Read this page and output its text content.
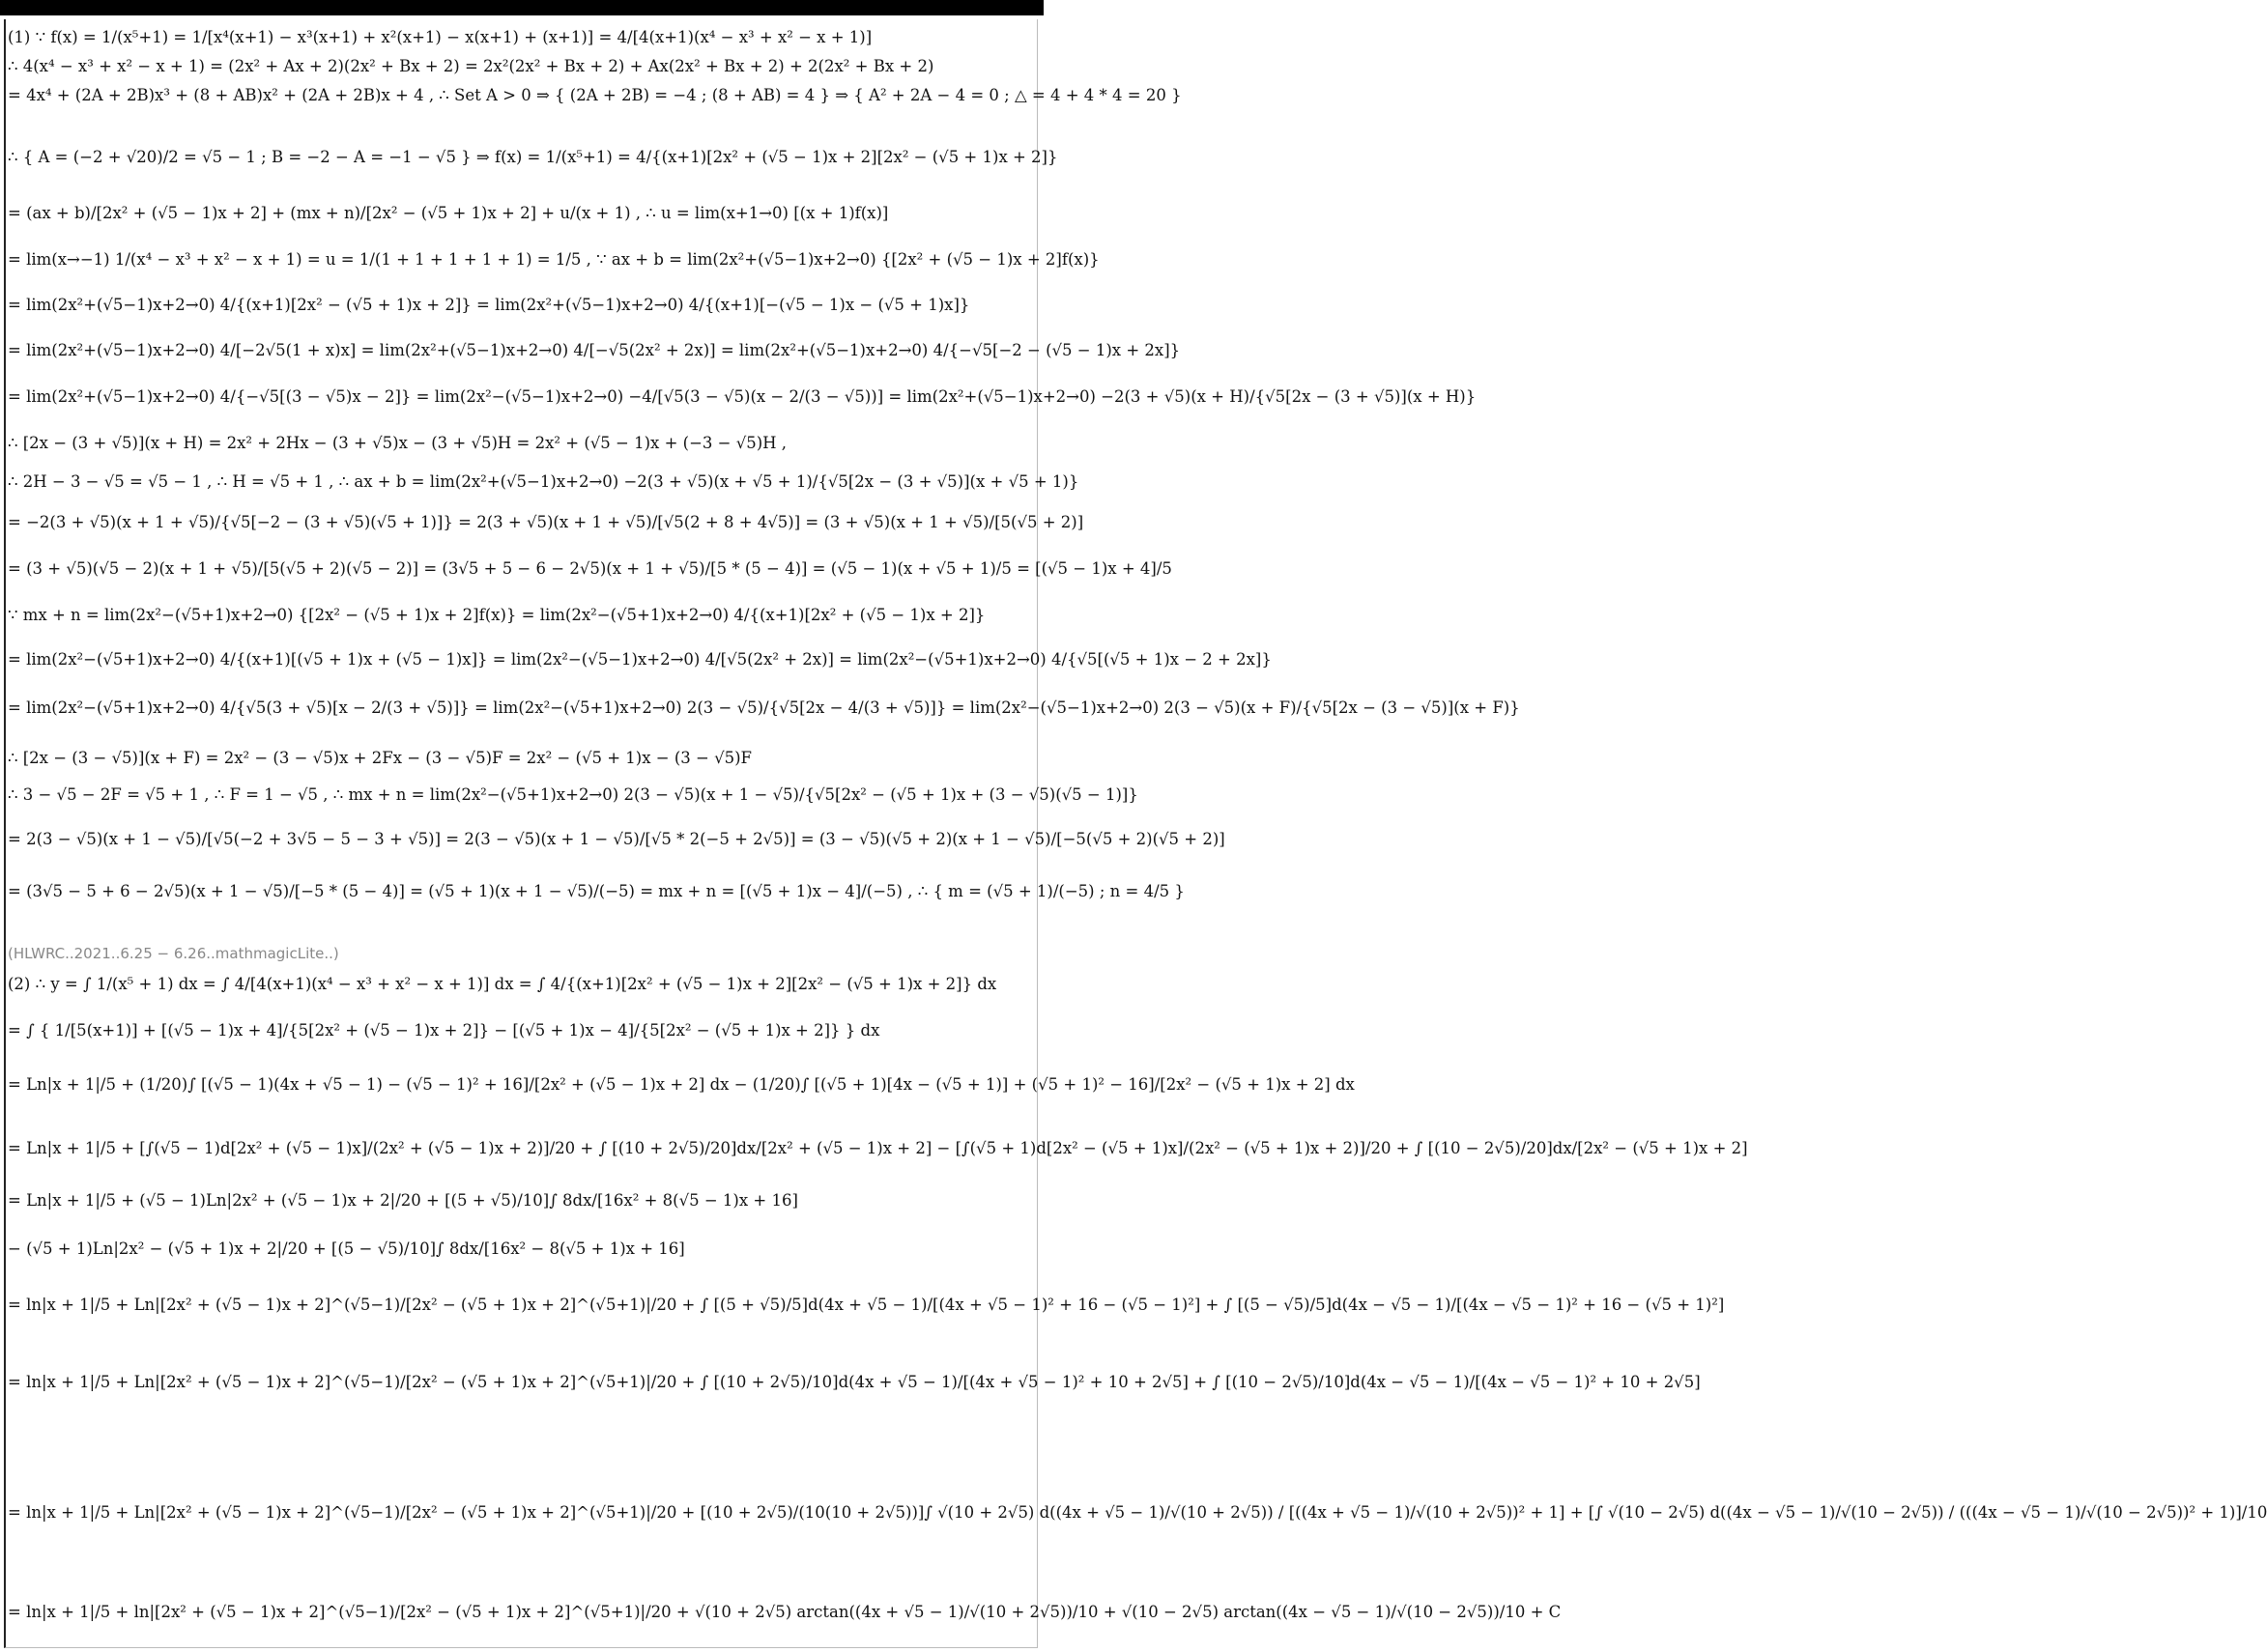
(1) ∵ f(x) = 1/(x⁵+1) = 1/[x⁴(x+1) − x³(x+1) + x²(x+1) − x(x+1) + (x+1)] = 4/[4(x+1)(x⁴ − x³ + x² − x + 1)]
∴ 4(x⁴ − x³ + x² − x + 1) = (2x² + Ax + 2)(2x² + Bx + 2) = 2x²(2x² + Bx + 2) + Ax(2x² + Bx + 2) + 2(2x² + Bx + 2)
= 4x⁴ + (2A + 2B)x³ + (8 + AB)x² + (2A + 2B)x + 4 , ∴ Set A > 0 ⇒ { (2A + 2B) = −4 ; (8 + AB) = 4 } ⇒ { A² + 2A − 4 = 0 ; △ = 4 + 4 * 4 = 20 }
∴ { A = (−2 + √20)/2 = √5 − 1 ; B = −2 − A = −1 − √5 } ⇒ f(x) = 1/(x⁵+1) = 4/{(x+1)[2x² + (√5 − 1)x + 2][2x² − (√5 + 1)x + 2]}
= (ax + b)/[2x² + (√5 − 1)x + 2] + (mx + n)/[2x² − (√5 + 1)x + 2] + u/(x + 1) , ∴ u = lim(x+1→0) [(x + 1)f(x)]
= lim(x→−1) 1/(x⁴ − x³ + x² − x + 1) = u = 1/(1 + 1 + 1 + 1 + 1) = 1/5 , ∵ ax + b = lim(2x²+(√5−1)x+2→0) {[2x² + (√5 − 1)x + 2]f(x)}
= lim(2x²+(√5−1)x+2→0) 4/{(x+1)[2x² − (√5 + 1)x + 2]} = lim(2x²+(√5−1)x+2→0) 4/{(x+1)[−(√5 − 1)x − (√5 + 1)x]}
= lim(2x²+(√5−1)x+2→0) 4/[−2√5(1 + x)x] = lim(2x²+(√5−1)x+2→0) 4/[−√5(2x² + 2x)] = lim(2x²+(√5−1)x+2→0) 4/{−√5[−2 − (√5 − 1)x + 2x]}
= lim(2x²+(√5−1)x+2→0) 4/{−√5[(3 − √5)x − 2]} = lim(2x²−(√5−1)x+2→0) −4/[√5(3 − √5)(x − 2/(3 − √5))] = lim(2x²+(√5−1)x+2→0) −2(3 + √5)(x + H)/{√5[2x − (3 + √5)](x + H)}
∴ [2x − (3 + √5)](x + H) = 2x² + 2Hx − (3 + √5)x − (3 + √5)H = 2x² + (√5 − 1)x + (−3 − √5)H ,
∴ 2H − 3 − √5 = √5 − 1 , ∴ H = √5 + 1 , ∴ ax + b = lim(2x²+(√5−1)x+2→0) −2(3 + √5)(x + √5 + 1)/{√5[2x − (3 + √5)](x + √5 + 1)}
= −2(3 + √5)(x + 1 + √5)/{√5[−2 − (3 + √5)(√5 + 1)]} = 2(3 + √5)(x + 1 + √5)/[√5(2 + 8 + 4√5)] = (3 + √5)(x + 1 + √5)/[5(√5 + 2)]
= (3 + √5)(√5 − 2)(x + 1 + √5)/[5(√5 + 2)(√5 − 2)] = (3√5 + 5 − 6 − 2√5)(x + 1 + √5)/[5 * (5 − 4)] = (√5 − 1)(x + √5 + 1)/5 = [(√5 − 1)x + 4]/5
∵ mx + n = lim(2x²−(√5+1)x+2→0) {[2x² − (√5 + 1)x + 2]f(x)} = lim(2x²−(√5+1)x+2→0) 4/{(x+1)[2x² + (√5 − 1)x + 2]}
= lim(2x²−(√5+1)x+2→0) 4/{(x+1)[(√5 + 1)x + (√5 − 1)x]} = lim(2x²−(√5−1)x+2→0) 4/[√5(2x² + 2x)] = lim(2x²−(√5+1)x+2→0) 4/{√5[(√5 + 1)x − 2 + 2x]}
= lim(2x²−(√5+1)x+2→0) 4/{√5(3 + √5)[x − 2/(3 + √5)]} = lim(2x²−(√5+1)x+2→0) 2(3 − √5)/{√5[2x − 4/(3 + √5)]} = lim(2x²−(√5−1)x+2→0) 2(3 − √5)(x + F)/{√5[2x − (3 − √5)](x + F)}
∴ [2x − (3 − √5)](x + F) = 2x² − (3 − √5)x + 2Fx − (3 − √5)F = 2x² − (√5 + 1)x − (3 − √5)F
∴ 3 − √5 − 2F = √5 + 1 , ∴ F = 1 − √5 , ∴ mx + n = lim(2x²−(√5+1)x+2→0) 2(3 − √5)(x + 1 − √5)/{√5[2x² − (√5 + 1)x + (3 − √5)(√5 − 1)]}
= 2(3 − √5)(x + 1 − √5)/[√5(−2 + 3√5 − 5 − 3 + √5)] = 2(3 − √5)(x + 1 − √5)/[√5 * 2(−5 + 2√5)] = (3 − √5)(√5 + 2)(x + 1 − √5)/[−5(√5 + 2)(√5 + 2)]
= (3√5 − 5 + 6 − 2√5)(x + 1 − √5)/[−5 * (5 − 4)] = (√5 + 1)(x + 1 − √5)/(−5) = mx + n = [(√5 + 1)x − 4]/(−5) , ∴ { m = (√5 + 1)/(−5) ; n = 4/5 }
(HLWRC..2021..6.25 − 6.26..mathmagicLite..)
(2) ∴ y = ∫ 1/(x⁵ + 1) dx = ∫ 4/[4(x+1)(x⁴ − x³ + x² − x + 1)] dx = ∫ 4/{(x+1)[2x² + (√5 − 1)x + 2][2x² − (√5 + 1)x + 2]} dx
= ∫ { 1/[5(x+1)] + [(√5 − 1)x + 4]/{5[2x² + (√5 − 1)x + 2]} − [(√5 + 1)x − 4]/{5[2x² − (√5 + 1)x + 2]} } dx
= Ln|x + 1|/5 + (1/20)∫ [(√5 − 1)(4x + √5 − 1) − (√5 − 1)² + 16]/[2x² + (√5 − 1)x + 2] dx − (1/20)∫ [(√5 + 1)[4x − (√5 + 1)] + (√5 + 1)² − 16]/[2x² − (√5 + 1)x + 2] dx
= Ln|x + 1|/5 + [∫(√5 − 1)d[2x² + (√5 − 1)x]/(2x² + (√5 − 1)x + 2)]/20 + ∫ [(10 + 2√5)/20]dx/[2x² + (√5 − 1)x + 2] − [∫(√5 + 1)d[2x² − (√5 + 1)x]/(2x² − (√5 + 1)x + 2)]/20 + ∫ [(10 − 2√5)/20]dx/[2x² − (√5 + 1)x + 2]
= Ln|x + 1|/5 + (√5 − 1)Ln|2x² + (√5 − 1)x + 2|/20 + [(5 + √5)/10]∫ 8dx/[16x² + 8(√5 − 1)x + 16]
− (√5 + 1)Ln|2x² − (√5 + 1)x + 2|/20 + [(5 − √5)/10]∫ 8dx/[16x² − 8(√5 + 1)x + 16]
= ln|x + 1|/5 + Ln|[2x² + (√5 − 1)x + 2]^(√5−1)/[2x² − (√5 + 1)x + 2]^(√5+1)|/20 + ∫ [(5 + √5)/5]d(4x + √5 − 1)/[(4x + √5 − 1)² + 16 − (√5 − 1)²] + ∫ [(5 − √5)/5]d(4x − √5 − 1)/[(4x − √5 − 1)² + 16 − (√5 + 1)²]
= ln|x + 1|/5 + Ln|[2x² + (√5 − 1)x + 2]^(√5−1)/[2x² − (√5 + 1)x + 2]^(√5+1)|/20 + ∫ [(10 + 2√5)/10]d(4x + √5 − 1)/[(4x + √5 − 1)² + 10 + 2√5] + ∫ [(10 − 2√5)/10]d(4x − √5 − 1)/[(4x − √5 − 1)² + 10 + 2√5]
= ln|x + 1|/5 + Ln|[2x² + (√5 − 1)x + 2]^(√5−1)/[2x² − (√5 + 1)x + 2]^(√5+1)|/20 + [(10 + 2√5)/(10(10 + 2√5))]∫ √(10 + 2√5) d((4x + √5 − 1)/√(10 + 2√5)) / [((4x + √5 − 1)/√(10 + 2√5))² + 1] + [∫ √(10 − 2√5) d((4x − √5 − 1)/√(10 − 2√5)) / (((4x − √5 − 1)/√(10 − 2√5))² + 1)]/10
= ln|x + 1|/5 + ln|[2x² + (√5 − 1)x + 2]^(√5−1)/[2x² − (√5 + 1)x + 2]^(√5+1)|/20 + √(10 + 2√5) arctan((4x + √5 − 1)/√(10 + 2√5))/10 + √(10 − 2√5) arctan((4x − √5 − 1)/√(10 − 2√5))/10 + C
